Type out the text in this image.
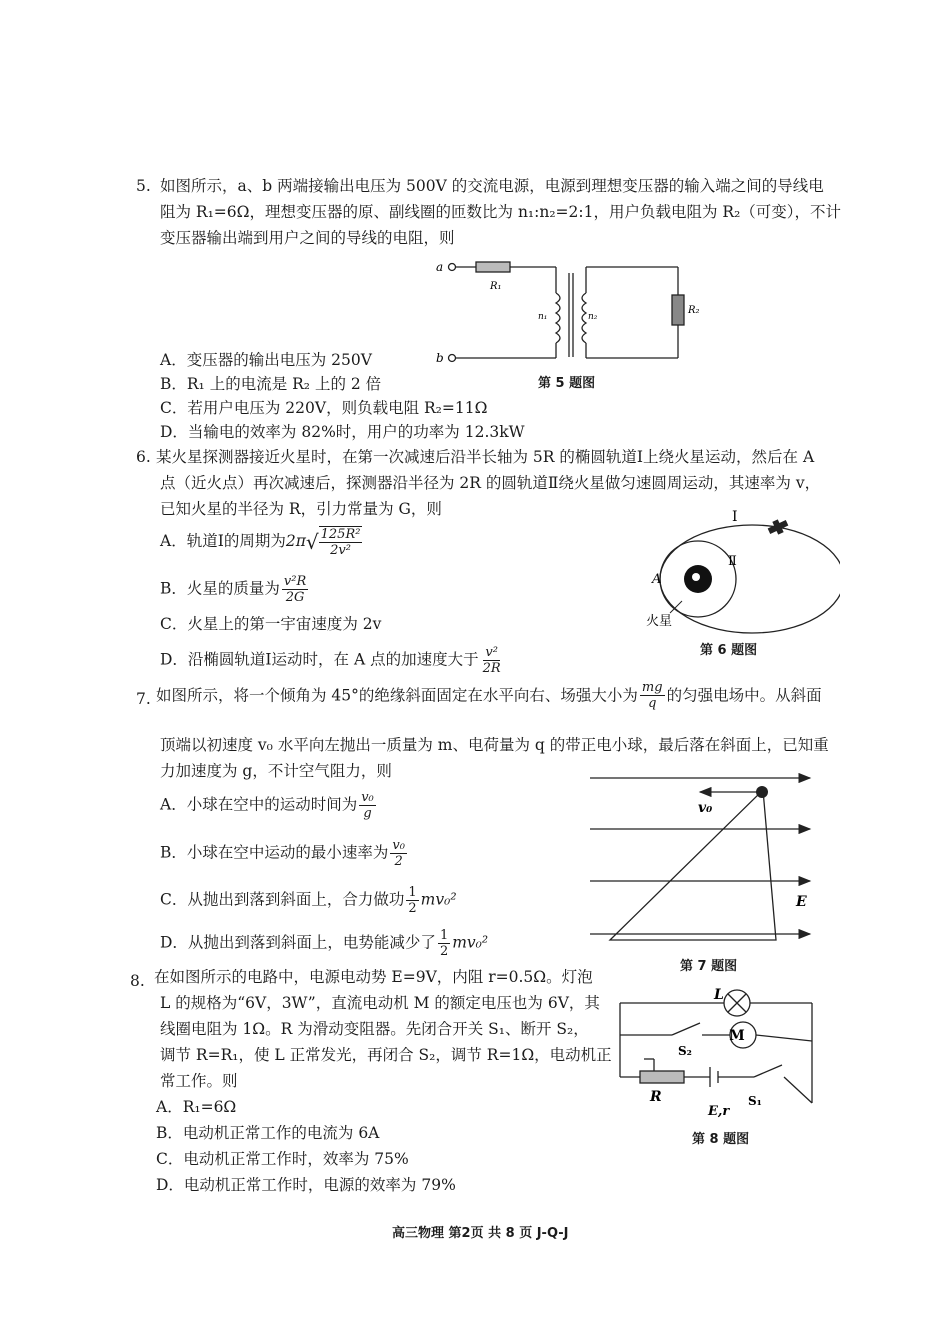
5. 如图所示，a、b 两端接输出电压为 500V 的交流电源，电源到理想变压器的输入端之间的导线电
阻为 R₁=6Ω，理想变压器的原、副线圈的匝数比为 n₁:n₂=2:1，用户负载电阻为 R₂（可变），不计
变压器输出端到用户之间的导线的电阻，则
a
b
R₁
n₁	n₂
R₂
第 5 题图
A．变压器的输出电压为 250V
B．R₁ 上的电流是 R₂ 上的 2 倍
C．若用户电压为 220V，则负载电阻 R₂=11Ω
D．当输电的效率为 82%时，用户的功率为 12.3kW
6. 某火星探测器接近火星时，在第一次减速后沿半长轴为 5R 的椭圆轨道Ⅰ上绕火星运动，然后在 A
点（近火点）再次减速后，探测器沿半径为 2R 的圆轨道Ⅱ绕火星做匀速圆周运动，其速率为 v，
已知火星的半径为 R，引力常量为 G，则
A．轨道Ⅰ的周期为$2\pi√ \frac{\text{125R²}}{\text{2v²}}$
B．火星的质量为 $\frac{\text{v²R}}{2G}$
C．火星上的第一宇宙速度为 2v
D．沿椭圆轨道Ⅰ运动时，在 A 点的加速度大于 $\frac{\text{v²}}{2R}$
Ⅰ
Ⅱ
A
火星
第 6 题图
7. 如图所示，将一个倾角为 45°的绝缘斜面固定在水平向右、场强大小为 $\frac{mg}{q}$ 的匀强电场中。从斜面
顶端以初速度 v₀ 水平向左抛出一质量为 m、电荷量为 q 的带正电小球，最后落在斜面上，已知重
力加速度为 g，不计空气阻力，则
A．小球在空中的运动时间为 $\frac{\text{v₀}}{g}$
B．小球在空中运动的最小速率为 $\frac{\text{v₀}}{2}$
C．从抛出到落到斜面上，合力做功 $\frac{1}{2} mv_0^2$
D．从抛出到落到斜面上，电势能减少了 $\frac{1}{2} mv_0^2$
v₀
E
第 7 题图
8. 在如图所示的电路中，电源电动势 E=9V，内阻 r=0.5Ω。灯泡
L 的规格为“6V，3W”，直流电动机 M 的额定电压也为 6V，其
线圈电阻为 1Ω。R 为滑动变阻器。先闭合开关 S₁、断开 S₂，
调节 R=R₁，使 L 正常发光，再闭合 S₂，调节 R=1Ω，电动机正
常工作。则
A．R₁=6Ω
B．电动机正常工作的电流为 6A
C．电动机正常工作时，效率为 75%
D．电动机正常工作时，电源的效率为 79%
M
L
S₂
R
E,r
S₁
第 8 题图
高三物理 第2页 共 8 页 J-Q-J
